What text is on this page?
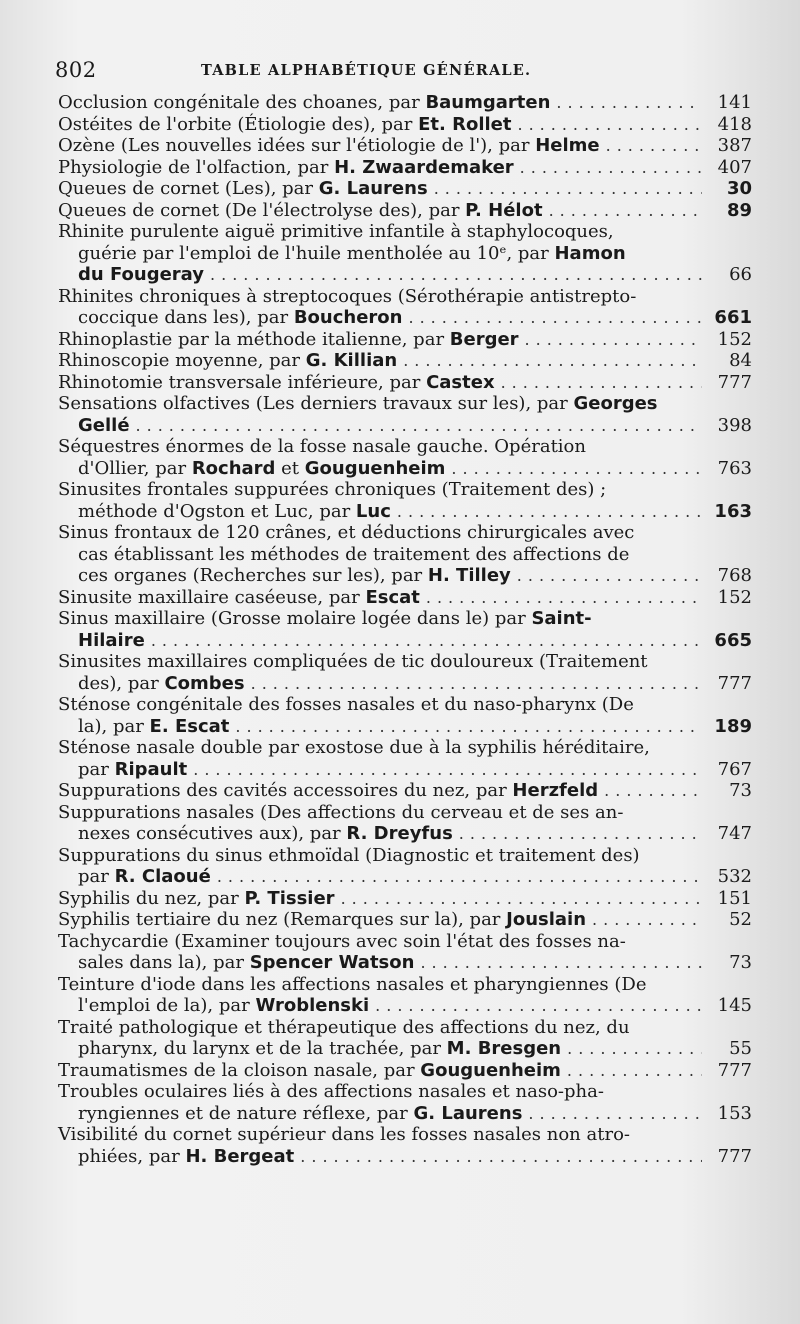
802	TABLE ALPHABÉTIQUE GÉNÉRALE.
Occlusion congénitale des choanes, par Baumgarten .....	141
Ostéites de l'orbite (Étiologie des), par Et. Rollet .....	418
Ozène (Les nouvelles idées sur l'étiologie de l'), par Helme .....	387
Physiologie de l'olfaction, par H. Zwaardemaker .....	407
Queues de cornet (Les), par G. Laurens .....	30
Queues de cornet (De l'électrolyse des), par P. Hélot .....	89
Rhinite purulente aiguë primitive infantile à staphylocoques,
guérie par l'emploi de l'huile mentholée au 10ᵉ, par Hamon
du Fougeray .....	66
Rhinites chroniques à streptocoques (Sérothérapie antistrepto-
coccique dans les), par Boucheron .....	661
Rhinoplastie par la méthode italienne, par Berger .....	152
Rhinoscopie moyenne, par G. Killian .....	84
Rhinotomie transversale inférieure, par Castex .....	777
Sensations olfactives (Les derniers travaux sur les), par Georges
Gellé .....	398
Séquestres énormes de la fosse nasale gauche. Opération
d'Ollier, par Rochard et Gouguenheim .....	763
Sinusites frontales suppurées chroniques (Traitement des) ;
méthode d'Ogston et Luc, par Luc .....	163
Sinus frontaux de 120 crânes, et déductions chirurgicales avec
cas établissant les méthodes de traitement des affections de
ces organes (Recherches sur les), par H. Tilley .....	768
Sinusite maxillaire caséeuse, par Escat .....	152
Sinus maxillaire (Grosse molaire logée dans le) par Saint-
Hilaire .....	665
Sinusites maxillaires compliquées de tic douloureux (Traitement
des), par Combes .....	777
Sténose congénitale des fosses nasales et du naso-pharynx (De
la), par E. Escat .....	189
Sténose nasale double par exostose due à la syphilis héréditaire,
par Ripault .....	767
Suppurations des cavités accessoires du nez, par Herzfeld .....	73
Suppurations nasales (Des affections du cerveau et de ses an-
nexes consécutives aux), par R. Dreyfus .....	747
Suppurations du sinus ethmoïdal (Diagnostic et traitement des)
par R. Claoué .....	532
Syphilis du nez, par P. Tissier .....	151
Syphilis tertiaire du nez (Remarques sur la), par Jouslain .....	52
Tachycardie (Examiner toujours avec soin l'état des fosses na-
sales dans la), par Spencer Watson .....	73
Teinture d'iode dans les affections nasales et pharyngiennes (De
l'emploi de la), par Wroblenski .....	145
Traité pathologique et thérapeutique des affections du nez, du
pharynx, du larynx et de la trachée, par M. Bresgen .....	55
Traumatismes de la cloison nasale, par Gouguenheim .....	777
Troubles oculaires liés à des affections nasales et naso-pha-
ryngiennes et de nature réflexe, par G. Laurens .....	153
Visibilité du cornet supérieur dans les fosses nasales non atro-
phiées, par H. Bergeat .....	777
